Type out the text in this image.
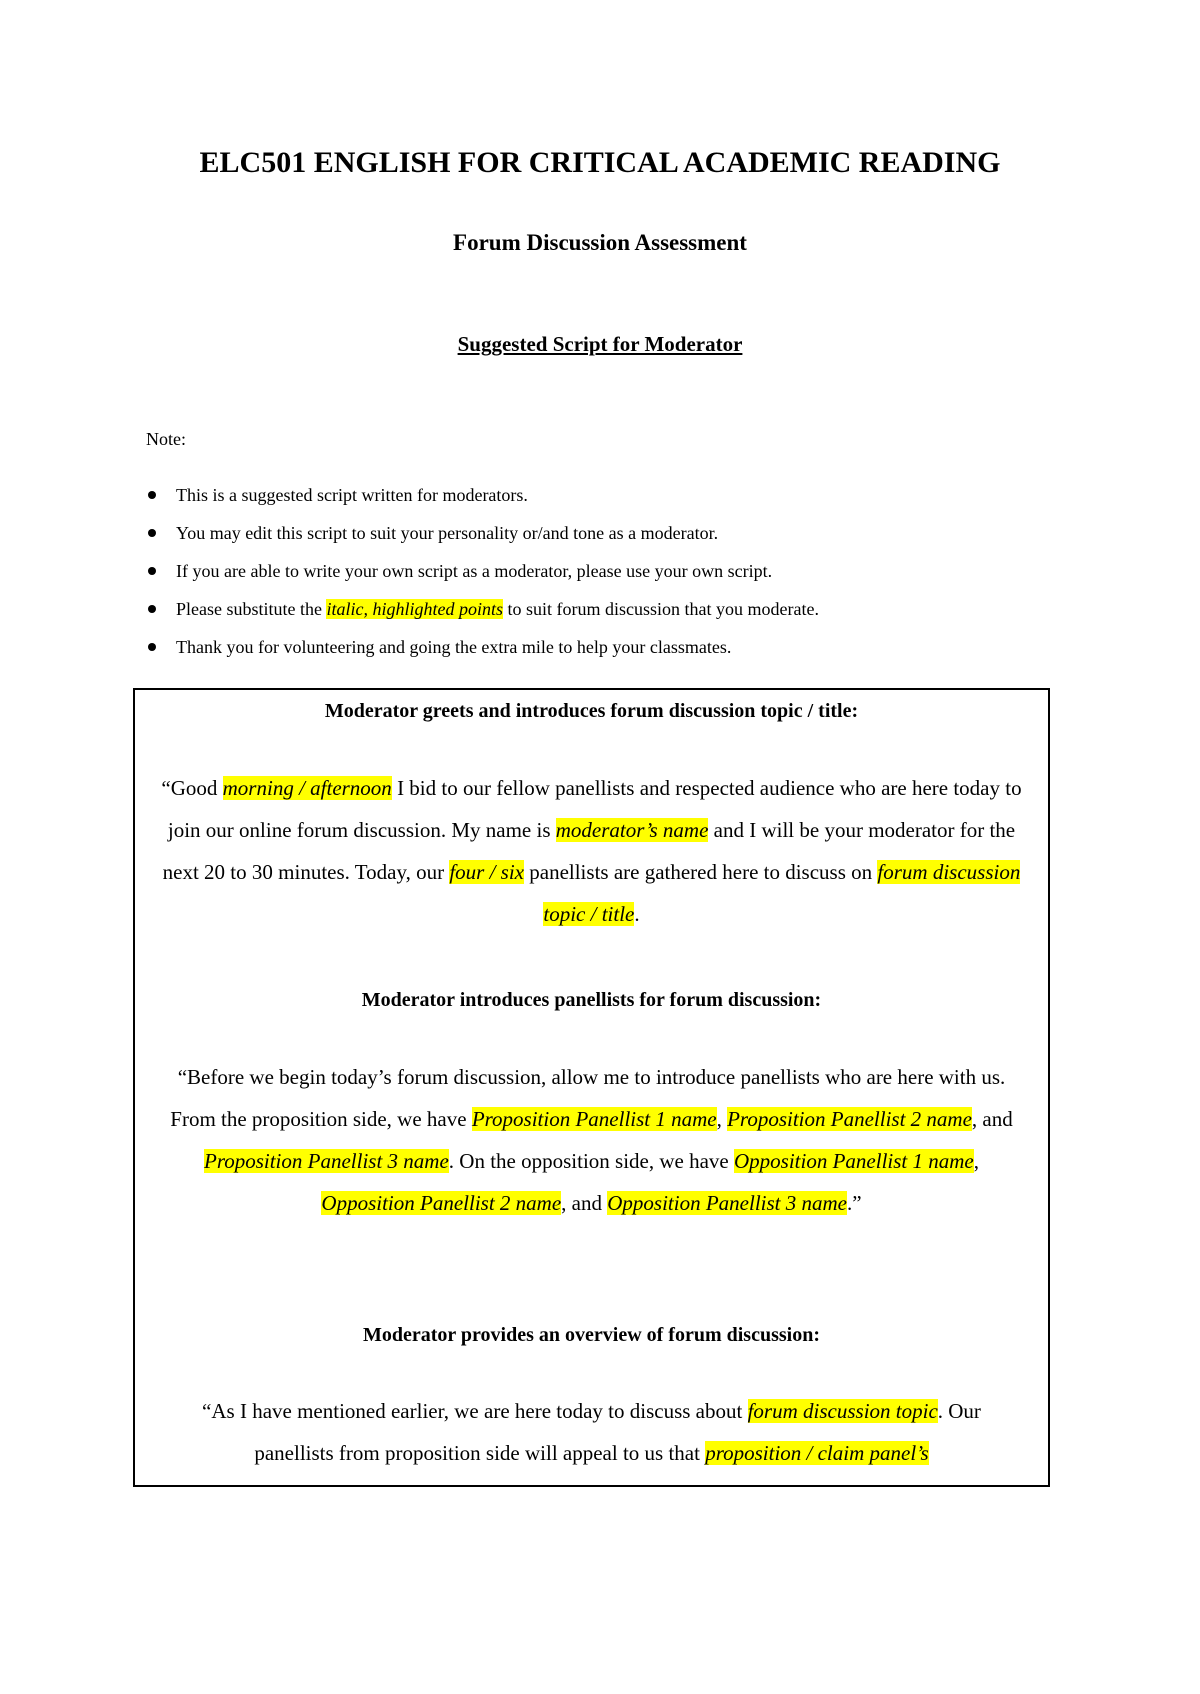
ELC501 ENGLISH FOR CRITICAL ACADEMIC READING
Forum Discussion Assessment
Suggested Script for Moderator

Note:

This is a suggested script written for moderators.
You may edit this script to suit your personality or/and tone as a moderator.
If you are able to write your own script as a moderator, please use your own script.
Please substitute the italic, highlighted points to suit forum discussion that you moderate.
Thank you for volunteering and going the extra mile to help your classmates.
Moderator greets and introduces forum discussion topic / title:

“Good morning / afternoon I bid to our fellow panellists and respected audience who are here today to join our online forum discussion. My name is moderator’s name and I will be your moderator for the next 20 to 30 minutes. Today, our four / six panellists are gathered here to discuss on forum discussion topic / title.

Moderator introduces panellists for forum discussion:

“Before we begin today’s forum discussion, allow me to introduce panellists who are here with us. From the proposition side, we have Proposition Panellist 1 name, Proposition Panellist 2 name, and Proposition Panellist 3 name. On the opposition side, we have Opposition Panellist 1 name, Opposition Panellist 2 name, and Opposition Panellist 3 name.”

Moderator provides an overview of forum discussion:

“As I have mentioned earlier, we are here today to discuss about forum discussion topic. Our panellists from proposition side will appeal to us that proposition / claim panel’s
